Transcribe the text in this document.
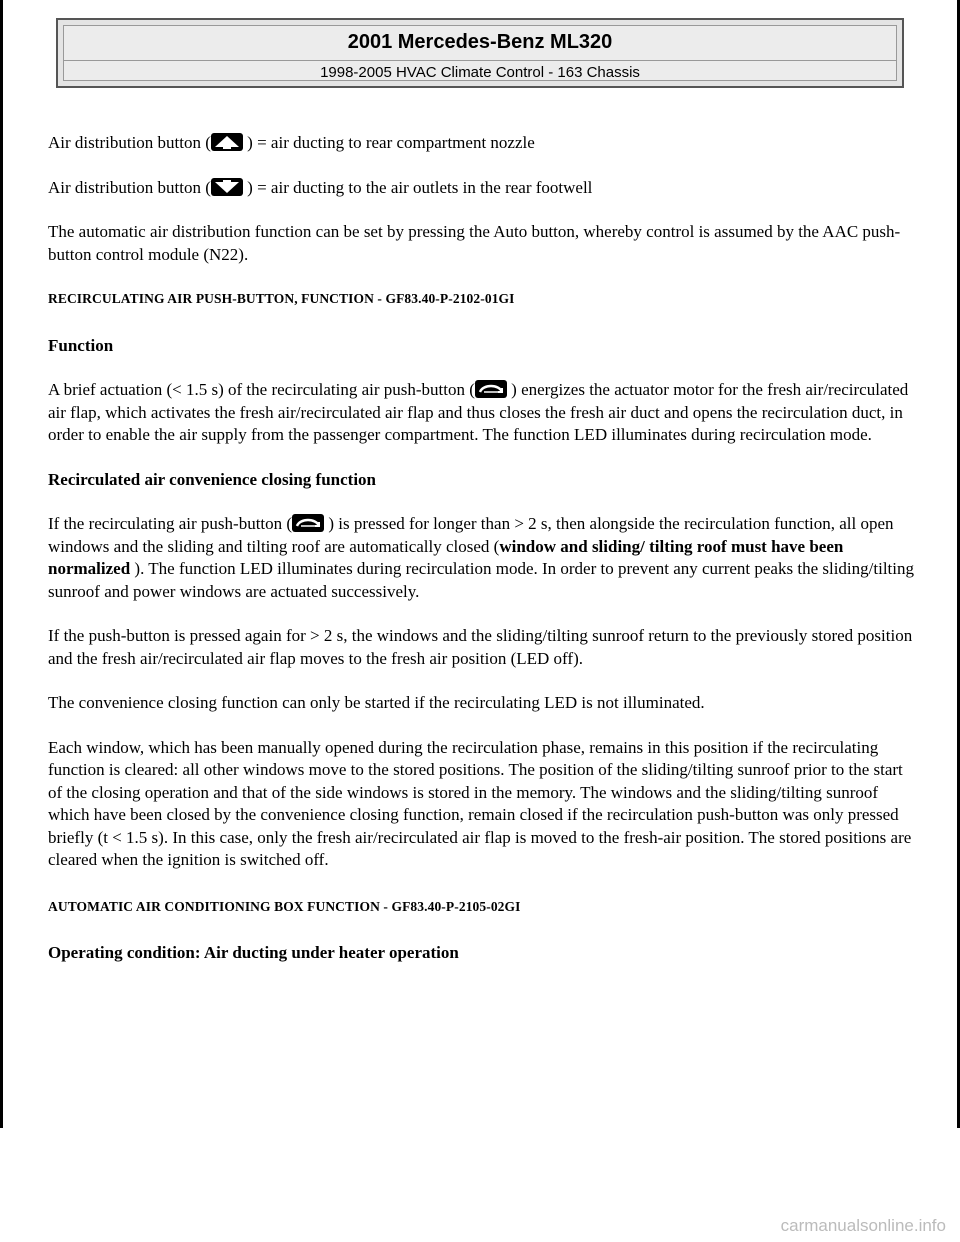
2001 Mercedes-Benz ML320
1998-2005 HVAC Climate Control - 163 Chassis

Air distribution button (
) = air ducting to rear compartment nozzle

Air distribution button (
) = air ducting to the air outlets in the rear footwell

The automatic air distribution function can be set by pressing the Auto button, whereby control is assumed by the AAC push-button control module (N22).

RECIRCULATING AIR PUSH-BUTTON, FUNCTION - GF83.40-P-2102-01GI
Function

A brief actuation (< 1.5 s) of the recirculating air push-button (
) energizes the actuator motor for the fresh air/recirculated air flap, which activates the fresh air/recirculated air flap and thus closes the fresh air duct and opens the recirculation duct, in order to enable the air supply from the passenger compartment. The function LED illuminates during recirculation mode.

Recirculated air convenience closing function

If the recirculating air push-button (
) is pressed for longer than > 2 s, then alongside the recirculation function, all open windows and the sliding and tilting roof are automatically closed (window and sliding/ tilting roof must have been normalized ). The function LED illuminates during recirculation mode. In order to prevent any current peaks the sliding/tilting sunroof and power windows are actuated successively.

If the push-button is pressed again for > 2 s, the windows and the sliding/tilting sunroof return to the previously stored position and the fresh air/recirculated air flap moves to the fresh air position (LED off).

The convenience closing function can only be started if the recirculating LED is not illuminated.

Each window, which has been manually opened during the recirculation phase, remains in this position if the recirculating function is cleared: all other windows move to the stored positions. The position of the sliding/tilting sunroof prior to the start of the closing operation and that of the side windows is stored in the memory. The windows and the sliding/tilting sunroof which have been closed by the convenience closing function, remain closed if the recirculation push-button was only pressed briefly (t < 1.5 s). In this case, only the fresh air/recirculated air flap is moved to the fresh-air position. The stored positions are cleared when the ignition is switched off.

AUTOMATIC AIR CONDITIONING BOX FUNCTION - GF83.40-P-2105-02GI
Operating condition: Air ducting under heater operation
carmanualsonline.info
